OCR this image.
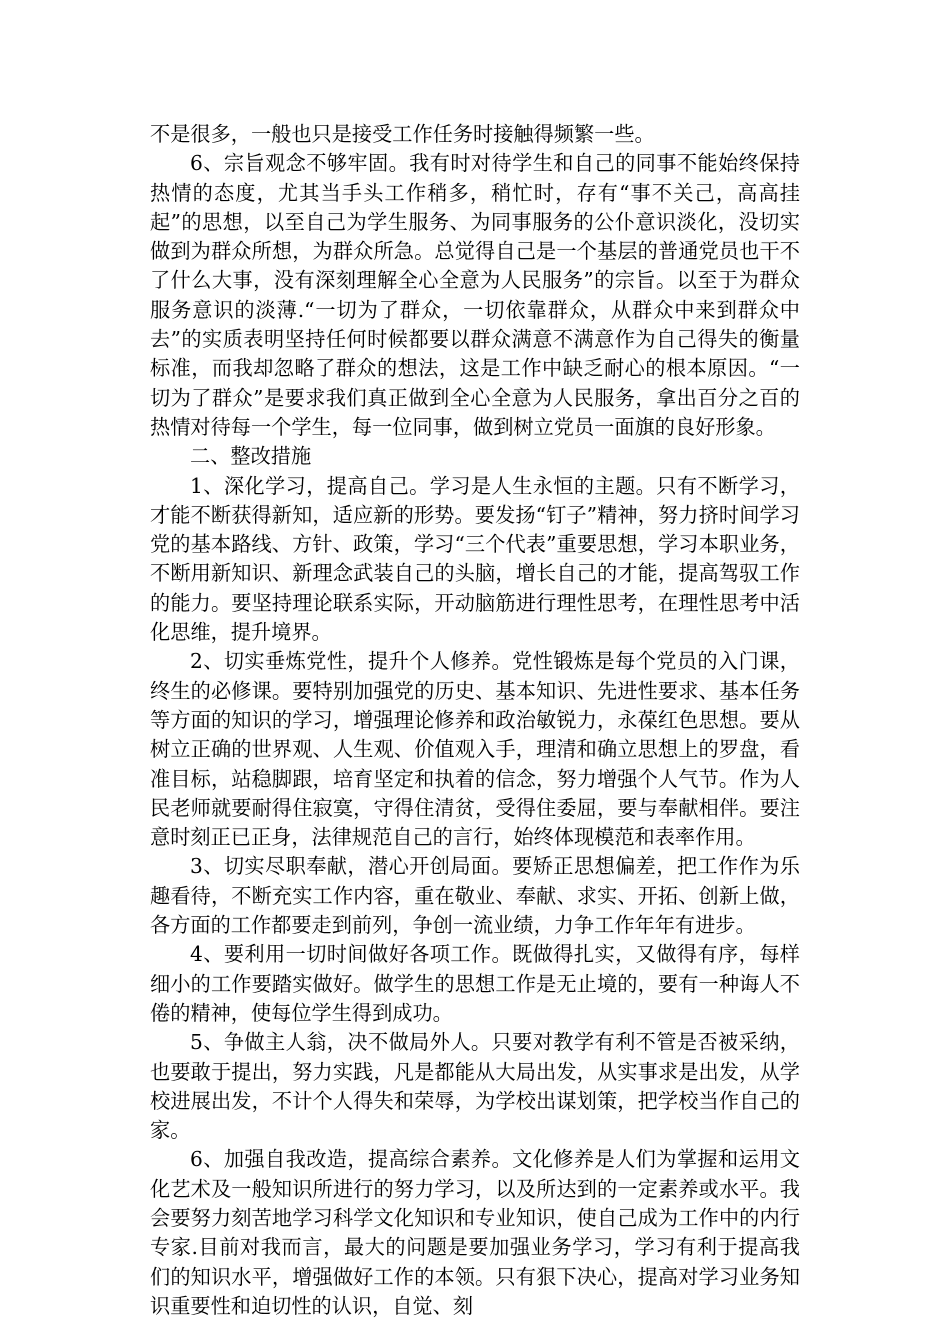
不是很多，一般也只是接受工作任务时接触得频繁一些。

6、宗旨观念不够牢固。我有时对待学生和自己的同事不能始终保持热情的态度，尤其当手头工作稍多，稍忙时，存有“事不关己，高高挂起”的思想，以至自己为学生服务、为同事服务的公仆意识淡化，没切实做到为群众所想，为群众所急。总觉得自己是一个基层的普通党员也干不了什么大事，没有深刻理解全心全意为人民服务”的宗旨。以至于为群众服务意识的淡薄.“一切为了群众，一切依靠群众，从群众中来到群众中去”的实质表明坚持任何时候都要以群众满意不满意作为自己得失的衡量标准，而我却忽略了群众的想法，这是工作中缺乏耐心的根本原因。“一切为了群众”是要求我们真正做到全心全意为人民服务，拿出百分之百的热情对待每一个学生，每一位同事，做到树立党员一面旗的良好形象。

二、整改措施

1、深化学习，提高自己。学习是人生永恒的主题。只有不断学习，才能不断获得新知，适应新的形势。要发扬“钉子”精神，努力挤时间学习党的基本路线、方针、政策，学习“三个代表”重要思想，学习本职业务，不断用新知识、新理念武装自己的头脑，增长自己的才能，提高驾驭工作的能力。要坚持理论联系实际，开动脑筋进行理性思考，在理性思考中活化思维，提升境界。

2、切实垂炼党性，提升个人修养。党性锻炼是每个党员的入门课，终生的必修课。要特别加强党的历史、基本知识、先进性要求、基本任务等方面的知识的学习，增强理论修养和政治敏锐力，永葆红色思想。要从树立正确的世界观、人生观、价值观入手，理清和确立思想上的罗盘，看准目标，站稳脚跟，培育坚定和执着的信念，努力增强个人气节。作为人民老师就要耐得住寂寞，守得住清贫，受得住委屈，要与奉献相伴。要注意时刻正已正身，法律规范自己的言行，始终体现模范和表率作用。

3、切实尽职奉献，潜心开创局面。要矫正思想偏差，把工作作为乐趣看待，不断充实工作内容，重在敬业、奉献、求实、开拓、创新上做，各方面的工作都要走到前列，争创一流业绩，力争工作年年有进步。

4、要利用一切时间做好各项工作。既做得扎实，又做得有序，每样细小的工作要踏实做好。做学生的思想工作是无止境的，要有一种诲人不倦的精神，使每位学生得到成功。

5、争做主人翁，决不做局外人。只要对教学有利不管是否被采纳，也要敢于提出，努力实践，凡是都能从大局出发，从实事求是出发，从学校进展出发，不计个人得失和荣辱，为学校出谋划策，把学校当作自己的家。

6、加强自我改造，提高综合素养。文化修养是人们为掌握和运用文化艺术及一般知识所进行的努力学习，以及所达到的一定素养或水平。我会要努力刻苦地学习科学文化知识和专业知识，使自己成为工作中的内行专家.目前对我而言，最大的问题是要加强业务学习，学习有利于提高我们的知识水平，增强做好工作的本领。只有狠下决心，提高对学习业务知识重要性和迫切性的认识，自觉、刻
